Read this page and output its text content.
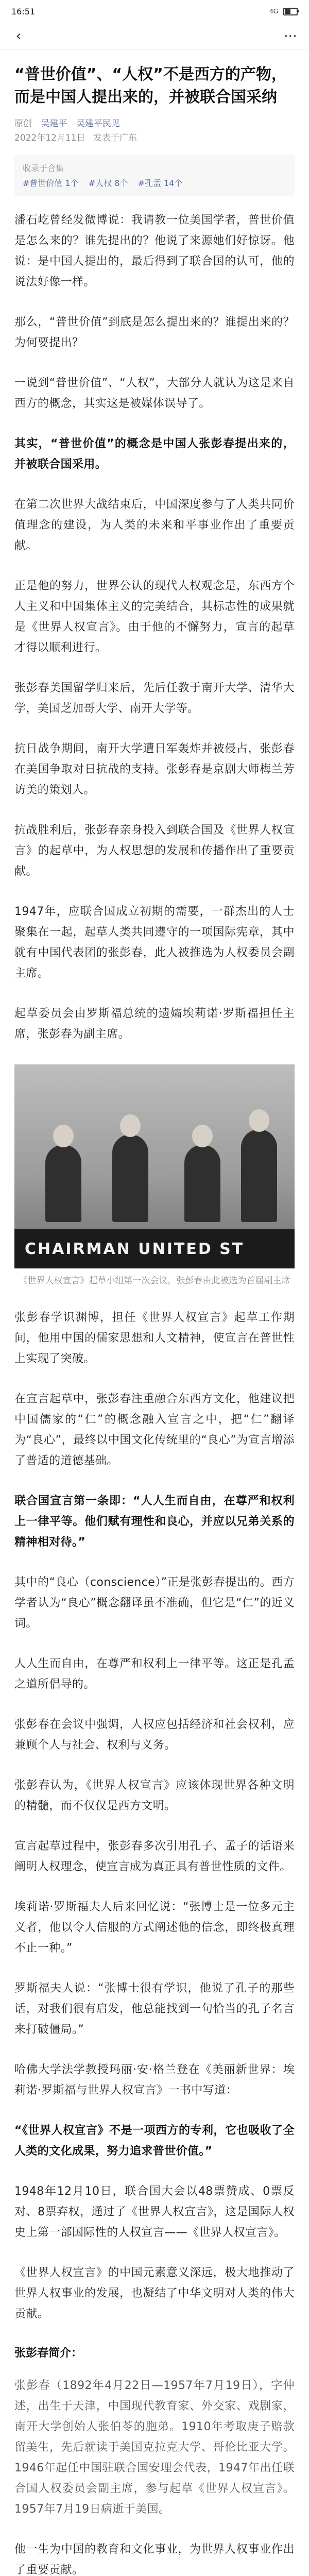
16:51	4G
‹	⋯
“普世价值”、“人权”不是西方的产物，而是中国人提出来的，并被联合国采纳
原创 吴建平 吴建平民见
2022年12月11日 发表于广东
收录于合集
#普世价值 1个 #人权 8个 #孔孟 14个

潘石屹曾经发微博说：我请教一位美国学者，普世价值是怎么来的？谁先提出的？他说了来源她们好惊讶。他说：是中国人提出的，最后得到了联合国的认可，他的说法好像一样。

那么，“普世价值”到底是怎么提出来的？谁提出来的？为何要提出？

一说到“普世价值”、“人权”，大部分人就认为这是来自西方的概念，其实这是被媒体误导了。

其实，“普世价值”的概念是中国人张彭春提出来的，并被联合国采用。

在第二次世界大战结束后，中国深度参与了人类共同价值理念的建设，为人类的未来和平事业作出了重要贡献。

正是他的努力，世界公认的现代人权观念是，东西方个人主义和中国集体主义的完美结合，其标志性的成果就是《世界人权宣言》。由于他的不懈努力，宣言的起草才得以顺利进行。

张彭春美国留学归来后，先后任教于南开大学、清华大学，美国芝加哥大学、南开大学等。

抗日战争期间，南开大学遭日军轰炸并被侵占，张彭春在美国争取对日抗战的支持。张彭春是京剧大师梅兰芳访美的策划人。

抗战胜利后，张彭春亲身投入到联合国及《世界人权宣言》的起草中，为人权思想的发展和传播作出了重要贡献。

1947年，应联合国成立初期的需要，一群杰出的人士聚集在一起，起草人类共同遵守的一项国际宪章，其中就有中国代表团的张彭春，此人被推选为人权委员会副主席。

起草委员会由罗斯福总统的遗孀埃莉诺·罗斯福担任主席，张彭春为副主席。

CHAIRMAN UNITED ST
《世界人权宣言》起草小组第一次会议，张彭春由此被选为首届副主席

张彭春学识渊博，担任《世界人权宣言》起草工作期间，他用中国的儒家思想和人文精神，使宣言在普世性上实现了突破。

在宣言起草中，张彭春注重融合东西方文化，他建议把中国儒家的“仁”的概念融入宣言之中，把“仁”翻译为“良心”，最终以中国文化传统里的“良心”为宣言增添了普适的道德基础。

联合国宣言第一条即：“人人生而自由，在尊严和权利上一律平等。他们赋有理性和良心，并应以兄弟关系的精神相对待。”

其中的“良心（conscience）”正是张彭春提出的。西方学者认为“良心”概念翻译虽不准确，但它是“仁”的近义词。

人人生而自由，在尊严和权利上一律平等。这正是孔孟之道所倡导的。

张彭春在会议中强调，人权应包括经济和社会权利，应兼顾个人与社会、权利与义务。

张彭春认为，《世界人权宣言》应该体现世界各种文明的精髓，而不仅仅是西方文明。

宣言起草过程中，张彭春多次引用孔子、孟子的话语来阐明人权理念，使宣言成为真正具有普世性质的文件。

埃莉诺·罗斯福夫人后来回忆说：“张博士是一位多元主义者，他以令人信服的方式阐述他的信念，即终极真理不止一种。”

罗斯福夫人说：“张博士很有学识，他说了孔子的那些话，对我们很有启发，他总能找到一句恰当的孔子名言来打破僵局。”

哈佛大学法学教授玛丽·安·格兰登在《美丽新世界：埃莉诺·罗斯福与世界人权宣言》一书中写道：

“《世界人权宣言》不是一项西方的专利，它也吸收了全人类的文化成果，努力追求普世价值。”

1948年12月10日，联合国大会以48票赞成、0票反对、8票弃权，通过了《世界人权宣言》，这是国际人权史上第一部国际性的人权宣言——《世界人权宣言》。

《世界人权宣言》的中国元素意义深远，极大地推动了世界人权事业的发展，也凝结了中华文明对人类的伟大贡献。

张彭春简介：

张彭春（1892年4月22日—1957年7月19日），字仲述，出生于天津，中国现代教育家、外交家、戏剧家，南开大学创始人张伯苓的胞弟。1910年考取庚子赔款留美生，先后就读于美国克拉克大学、哥伦比亚大学。1946年起任中国驻联合国安理会代表，1947年出任联合国人权委员会副主席，参与起草《世界人权宣言》。1957年7月19日病逝于美国。

他一生为中国的教育和文化事业，为世界人权事业作出了重要贡献。
